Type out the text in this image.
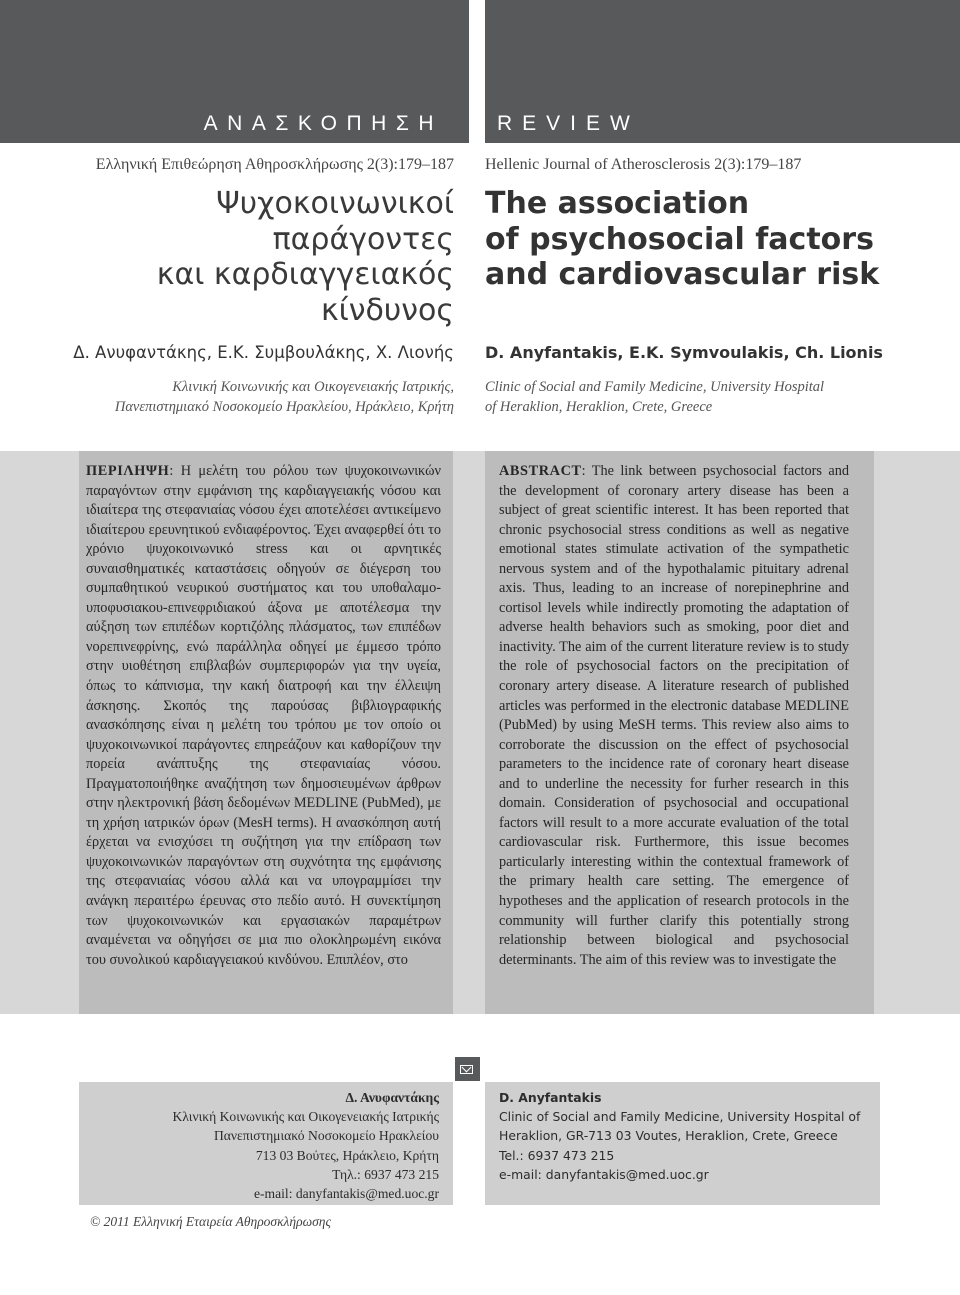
ΑΝΑΣΚΟΠΗΣΗ	REVIEW
Ελληνική Επιθεώρηση Αθηροσκλήρωσης 2(3):179–187 Hellenic Journal of Atherosclerosis 2(3):179–187
Ψυχοκοινωνικοί
παράγοντες
και καρδιαγγειακός
κίνδυνος
The association
of psychosocial factors
and cardiovascular risk
Δ. Ανυφαντάκης, Ε.Κ. Συμβουλάκης, Χ. Λιονής D. Anyfantakis, E.K. Symvoulakis, Ch. Lionis
Κλινική Κοινωνικής και Οικογενειακής Ιατρικής,
Πανεπιστημιακό Νοσοκομείο Ηρακλείου, Ηράκλειο, Κρήτη
Clinic of Social and Family Medicine, University Hospital
of Heraklion, Heraklion, Crete, Greece
ΠΕΡΙΛΗΨΗ: Η μελέτη του ρόλου των ψυχοκοινωνικών παραγόντων στην εμφάνιση της καρδιαγγειακής νόσου και ιδιαίτερα της στεφανιαίας νόσου έχει αποτελέσει αντικείμενο ιδιαίτερου ερευνητικού ενδιαφέροντος. Έχει αναφερθεί ότι το χρόνιο ψυχοκοινωνικό stress και οι αρνητικές συναισθηματικές καταστάσεις οδηγούν σε διέγερση του συμπαθητικού νευρικού συστήματος και του υποθαλαμο-υποφυσιακου-επινεφριδιακού άξονα με αποτέλεσμα την αύξηση των επιπέδων κορτιζόλης πλάσματος, των επιπέδων νορεπινεφρίνης, ενώ παράλληλα οδηγεί με έμμεσο τρόπο στην υιοθέτηση επιβλαβών συμπεριφορών για την υγεία, όπως το κάπνισμα, την κακή διατροφή και την έλλειψη άσκησης. Σκοπός της παρούσας βιβλιογραφικής ανασκόπησης είναι η μελέτη του τρόπου με τον οποίο οι ψυχοκοινωνικοί παράγοντες επηρεάζουν και καθορίζουν την πορεία ανάπτυξης της στεφανιαίας νόσου. Πραγματοποιήθηκε αναζήτηση των δημοσιευμένων άρθρων στην ηλεκτρονική βάση δεδομένων MEDLINE (PubMed), με τη χρήση ιατρικών όρων (MesH terms). Η ανασκόπηση αυτή έρχεται να ενισχύσει τη συζήτηση για την επίδραση των ψυχοκοινωνικών παραγόντων στη συχνότητα της εμφάνισης της στεφανιαίας νόσου αλλά και να υπογραμμίσει την ανάγκη περαιτέρω έρευνας στο πεδίο αυτό. Η συνεκτίμηση των ψυχοκοινωνικών και εργασιακών παραμέτρων αναμένεται να οδηγήσει σε μια πιο ολοκληρωμένη εικόνα του συνολικού καρδιαγγειακού κινδύνου. Επιπλέον, στο
ABSTRACT: The link between psychosocial factors and the development of coronary artery disease has been a subject of great scientific interest. It has been reported that chronic psychosocial stress conditions as well as negative emotional states stimulate activation of the sympathetic nervous system and of the hypothalamic pituitary adrenal axis. Thus, leading to an increase of norepinephrine and cortisol levels while indirectly promoting the adaptation of adverse health behaviors such as smoking, poor diet and inactivity. The aim of the current literature review is to study the role of psychosocial factors on the precipitation of coronary artery disease. A literature research of published articles was performed in the electronic database MEDLINE (PubMed) by using MeSH terms. This review also aims to corroborate the discussion on the effect of psychosocial parameters to the incidence rate of coronary heart disease and to underline the necessity for furher research in this domain. Consideration of psychosocial and occupational factors will result to a more accurate evaluation of the total cardiovascular risk. Furthermore, this issue becomes particularly interesting within the contextual framework of the primary health care setting. The emergence of hypotheses and the application of research protocols in the community will further clarify this potentially strong relationship between biological and psychosocial determinants. The aim of this review was to investigate the
Δ. Ανυφαντάκης
Κλινική Κοινωνικής και Οικογενειακής Ιατρικής
Πανεπιστημιακό Νοσοκομείο Ηρακλείου
713 03 Βούτες, Ηράκλειο, Κρήτη
Τηλ.: 6937 473 215
e-mail: danyfantakis@med.uoc.gr
D. Anyfantakis
Clinic of Social and Family Medicine, University Hospital of
Heraklion, GR-713 03 Voutes, Heraklion, Crete, Greece
Tel.: 6937 473 215
e-mail: danyfantakis@med.uoc.gr
© 2011 Ελληνική Εταιρεία Αθηροσκλήρωσης
